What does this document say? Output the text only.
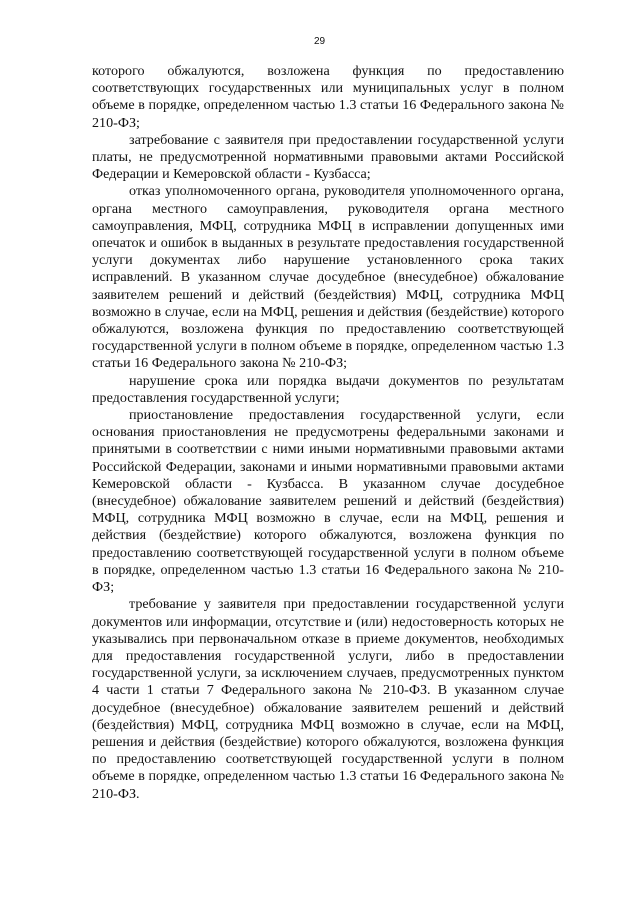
29

которого обжалуются, возложена функция по предоставлению соответствующих государственных или муниципальных услуг в полном объеме в порядке, определенном частью 1.3 статьи 16 Федерального закона № 210-ФЗ;

затребование с заявителя при предоставлении государственной услуги платы, не предусмотренной нормативными правовыми актами Российской Федерации и Кемеровской области - Кузбасса;

отказ уполномоченного органа, руководителя уполномоченного органа, органа местного самоуправления, руководителя органа местного самоуправления, МФЦ, сотрудника МФЦ в исправлении допущенных ими опечаток и ошибок в выданных в результате предоставления государственной услуги документах либо нарушение установленного срока таких исправлений. В указанном случае досудебное (внесудебное) обжалование заявителем решений и действий (бездействия) МФЦ, сотрудника МФЦ возможно в случае, если на МФЦ, решения и действия (бездействие) которого обжалуются, возложена функция по предоставлению соответствующей государственной услуги в полном объеме в порядке, определенном частью 1.3 статьи 16 Федерального закона № 210-ФЗ;

нарушение срока или порядка выдачи документов по результатам предоставления государственной услуги;

приостановление предоставления государственной услуги, если основания приостановления не предусмотрены федеральными законами и принятыми в соответствии с ними иными нормативными правовыми актами Российской Федерации, законами и иными нормативными правовыми актами Кемеровской области - Кузбасса. В указанном случае досудебное (внесудебное) обжалование заявителем решений и действий (бездействия) МФЦ, сотрудника МФЦ возможно в случае, если на МФЦ, решения и действия (бездействие) которого обжалуются, возложена функция по предоставлению соответствующей государственной услуги в полном объеме в порядке, определенном частью 1.3 статьи 16 Федерального закона № 210-ФЗ;

требование у заявителя при предоставлении государственной услуги документов или информации, отсутствие и (или) недостоверность которых не указывались при первоначальном отказе в приеме документов, необходимых для предоставления государственной услуги, либо в предоставлении государственной услуги, за исключением случаев, предусмотренных пунктом 4 части 1 статьи 7 Федерального закона № 210-ФЗ. В указанном случае досудебное (внесудебное) обжалование заявителем решений и действий (бездействия) МФЦ, сотрудника МФЦ возможно в случае, если на МФЦ, решения и действия (бездействие) которого обжалуются, возложена функция по предоставлению соответствующей государственной услуги в полном объеме в порядке, определенном частью 1.3 статьи 16 Федерального закона № 210-ФЗ.
